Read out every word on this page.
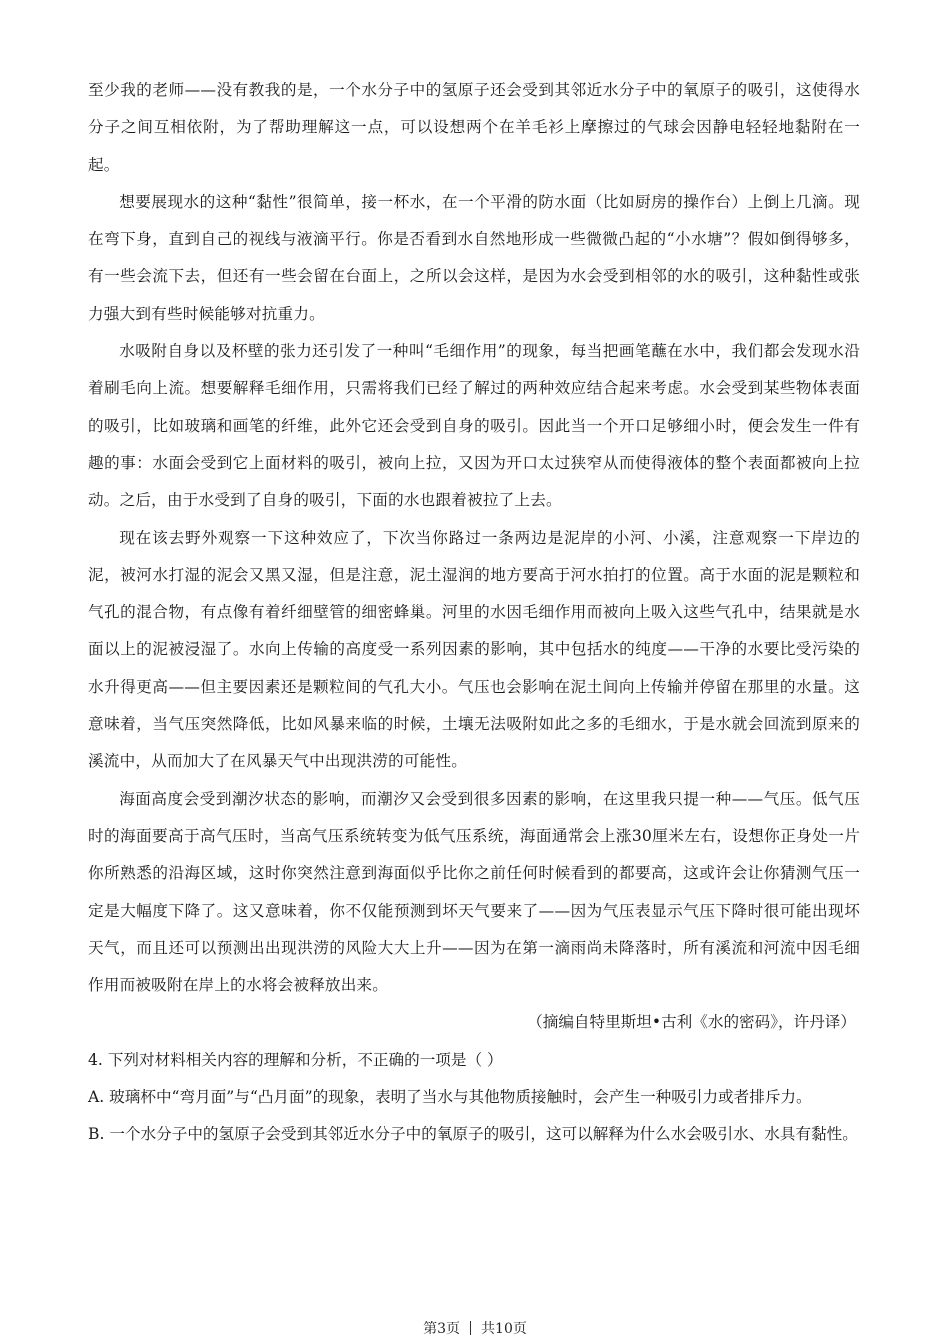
至少我的老师——没有教我的是，一个水分子中的氢原子还会受到其邻近水分子中的氧原子的吸引，这使得水分子之间互相依附，为了帮助理解这一点，可以设想两个在羊毛衫上摩擦过的气球会因静电轻轻地黏附在一起。

想要展现水的这种“黏性”很简单，接一杯水，在一个平滑的防水面（比如厨房的操作台）上倒上几滴。现在弯下身，直到自己的视线与液滴平行。你是否看到水自然地形成一些微微凸起的“小水塘”？假如倒得够多，有一些会流下去，但还有一些会留在台面上，之所以会这样，是因为水会受到相邻的水的吸引，这种黏性或张力强大到有些时候能够对抗重力。

水吸附自身以及杯壁的张力还引发了一种叫“毛细作用”的现象，每当把画笔蘸在水中，我们都会发现水沿着刷毛向上流。想要解释毛细作用，只需将我们已经了解过的两种效应结合起来考虑。水会受到某些物体表面的吸引，比如玻璃和画笔的纤维，此外它还会受到自身的吸引。因此当一个开口足够细小时，便会发生一件有趣的事：水面会受到它上面材料的吸引，被向上拉，又因为开口太过狭窄从而使得液体的整个表面都被向上拉动。之后，由于水受到了自身的吸引，下面的水也跟着被拉了上去。

现在该去野外观察一下这种效应了，下次当你路过一条两边是泥岸的小河、小溪，注意观察一下岸边的泥，被河水打湿的泥会又黑又湿，但是注意，泥土湿润的地方要高于河水拍打的位置。高于水面的泥是颗粒和气孔的混合物，有点像有着纤细壁管的细密蜂巢。河里的水因毛细作用而被向上吸入这些气孔中，结果就是水面以上的泥被浸湿了。水向上传输的高度受一系列因素的影响，其中包括水的纯度——干净的水要比受污染的水升得更高——但主要因素还是颗粒间的气孔大小。气压也会影响在泥土间向上传输并停留在那里的水量。这意味着，当气压突然降低，比如风暴来临的时候，土壤无法吸附如此之多的毛细水，于是水就会回流到原来的溪流中，从而加大了在风暴天气中出现洪涝的可能性。

海面高度会受到潮汐状态的影响，而潮汐又会受到很多因素的影响，在这里我只提一种——气压。低气压时的海面要高于高气压时，当高气压系统转变为低气压系统，海面通常会上涨30厘米左右，设想你正身处一片你所熟悉的沿海区域，这时你突然注意到海面似乎比你之前任何时候看到的都要高，这或许会让你猜测气压一定是大幅度下降了。这又意味着，你不仅能预测到坏天气要来了——因为气压表显示气压下降时很可能出现坏天气，而且还可以预测出出现洪涝的风险大大上升——因为在第一滴雨尚未降落时，所有溪流和河流中因毛细作用而被吸附在岸上的水将会被释放出来。

（摘编自特里斯坦•古利《水的密码》，许丹译）

4. 下列对材料相关内容的理解和分析，不正确的一项是（ ）

A. 玻璃杯中“弯月面”与“凸月面”的现象，表明了当水与其他物质接触时，会产生一种吸引力或者排斥力。

B. 一个水分子中的氢原子会受到其邻近水分子中的氧原子的吸引，这可以解释为什么水会吸引水、水具有黏性。

第3页 共10页
